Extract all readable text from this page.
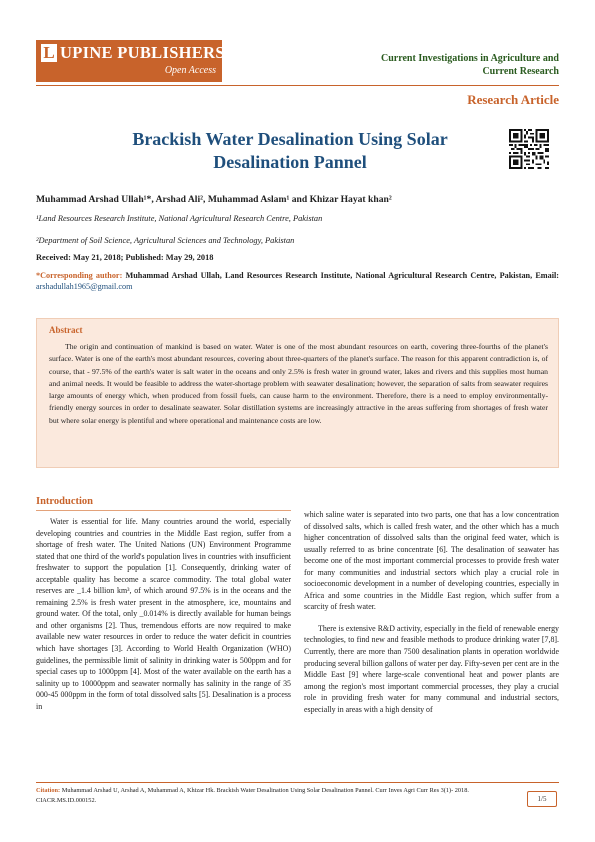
L UPINE PUBLISHERS
Open Access
Current Investigations in Agriculture and
Current Research
Research Article
Brackish Water Desalination Using Solar
Desalination Pannel
Muhammad Arshad Ullah¹*, Arshad Ali², Muhammad Aslam¹ and Khizar Hayat khan²
¹Land Resources Research Institute, National Agricultural Research Centre, Pakistan
²Department of Soil Science, Agricultural Sciences and Technology, Pakistan
Received: May 21, 2018; Published: May 29, 2018
*Corresponding author: Muhammad Arshad Ullah, Land Resources Research Institute, National Agricultural Research Centre, Pakistan, Email: arshadullah1965@gmail.com
Abstract

The origin and continuation of mankind is based on water. Water is one of the most abundant resources on earth, covering three-fourths of the planet's surface. Water is one of the earth's most abundant resources, covering about three-quarters of the planet's surface. The reason for this apparent contradiction is, of course, that - 97.5% of the earth's water is salt water in the oceans and only 2.5% is fresh water in ground water, lakes and rivers and this supplies most human and animal needs. It would be feasible to address the water-shortage problem with seawater desalination; however, the separation of salts from seawater requires large amounts of energy which, when produced from fossil fuels, can cause harm to the environment. Therefore, there is a need to employ environmentally-friendly energy sources in order to desalinate seawater. Solar distillation systems are increasingly attractive in the areas suffering from shortages of fresh water but where solar energy is plentiful and where operational and maintenance costs are low.

Introduction

Water is essential for life. Many countries around the world, especially developing countries and countries in the Middle East region, suffer from a shortage of fresh water. The United Nations (UN) Environment Programme stated that one third of the world's population lives in countries with insufficient freshwater to support the population [1]. Consequently, drinking water of acceptable quality has become a scarce commodity. The total global water reserves are _1.4 billion km³, of which around 97.5% is in the oceans and the remaining 2.5% is fresh water present in the atmosphere, ice, mountains and ground water. Of the total, only _0.014% is directly available for human beings and other organisms [2]. Thus, tremendous efforts are now required to make available new water resources in order to reduce the water deficit in countries which have shortages [3]. According to World Health Organization (WHO) guidelines, the permissible limit of salinity in drinking water is 500ppm and for special cases up to 1000ppm [4]. Most of the water available on the earth has a salinity up to 10000ppm and seawater normally has salinity in the range of 35 000-45 000ppm in the form of total dissolved salts [5]. Desalination is a process in

which saline water is separated into two parts, one that has a low concentration of dissolved salts, which is called fresh water, and the other which has a much higher concentration of dissolved salts than the original feed water, which is usually referred to as brine concentrate [6]. The desalination of seawater has become one of the most important commercial processes to provide fresh water for many communities and industrial sectors which play a crucial role in socioeconomic development in a number of developing countries, especially in Africa and some countries in the Middle East region, which suffer from a scarcity of fresh water.

There is extensive R&D activity, especially in the field of renewable energy technologies, to find new and feasible methods to produce drinking water [7,8]. Currently, there are more than 7500 desalination plants in operation worldwide producing several billion gallons of water per day. Fifty-seven per cent are in the Middle East [9] where large-scale conventional heat and power plants are among the region's most important commercial processes, they play a crucial role in providing fresh water for many communal and industrial sectors, especially in areas with a high density of

Citation: Muhammad Arshad U, Arshad A, Muhammad A, Khizar Hk. Brackish Water Desalination Using Solar Desalination Pannel. Curr Inves Agri Curr Res 3(1)- 2018. CIACR.MS.ID.000152.	1/5
